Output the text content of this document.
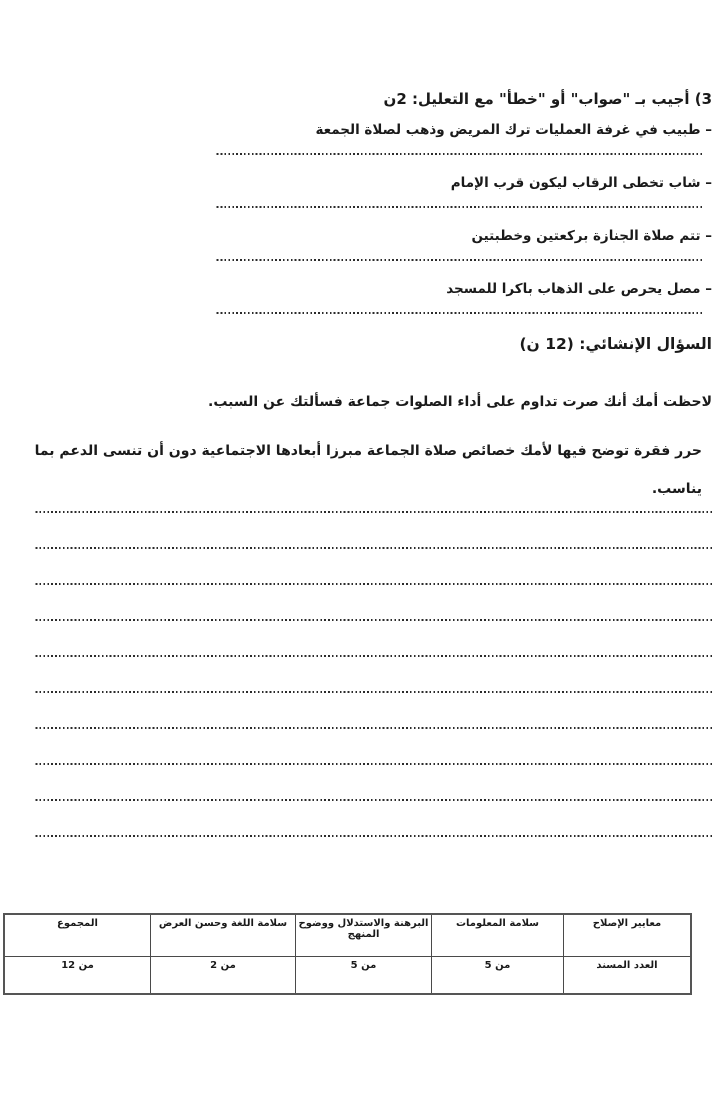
3) أجيب بـ "صواب" أو "خطأ" مع التعليل: 2ن
– طبيب في غرفة العمليات ترك المريض وذهب لصلاة الجمعة
– شاب تخطى الرقاب ليكون قرب الإمام
– تتم صلاة الجنازة بركعتين وخطبتين
– مصل يحرص على الذهاب باكرا للمسجد
السؤال الإنشائي: (12 ن)

لاحظت أمك أنك صرت تداوم على أداء الصلوات جماعة فسألتك عن السبب.

حرر فقرة توضح فيها لأمك خصائص صلاة الجماعة مبرزا أبعادها الاجتماعية دون أن تنسى الدعم بما يناسب.

معايير الإصلاح	سلامة المعلومات	البرهنة والاستدلال ووضوح المنهج	سلامة اللغة وحسن العرض	المجموع
العدد المسند	من 5	من 5	من 2	من 12
